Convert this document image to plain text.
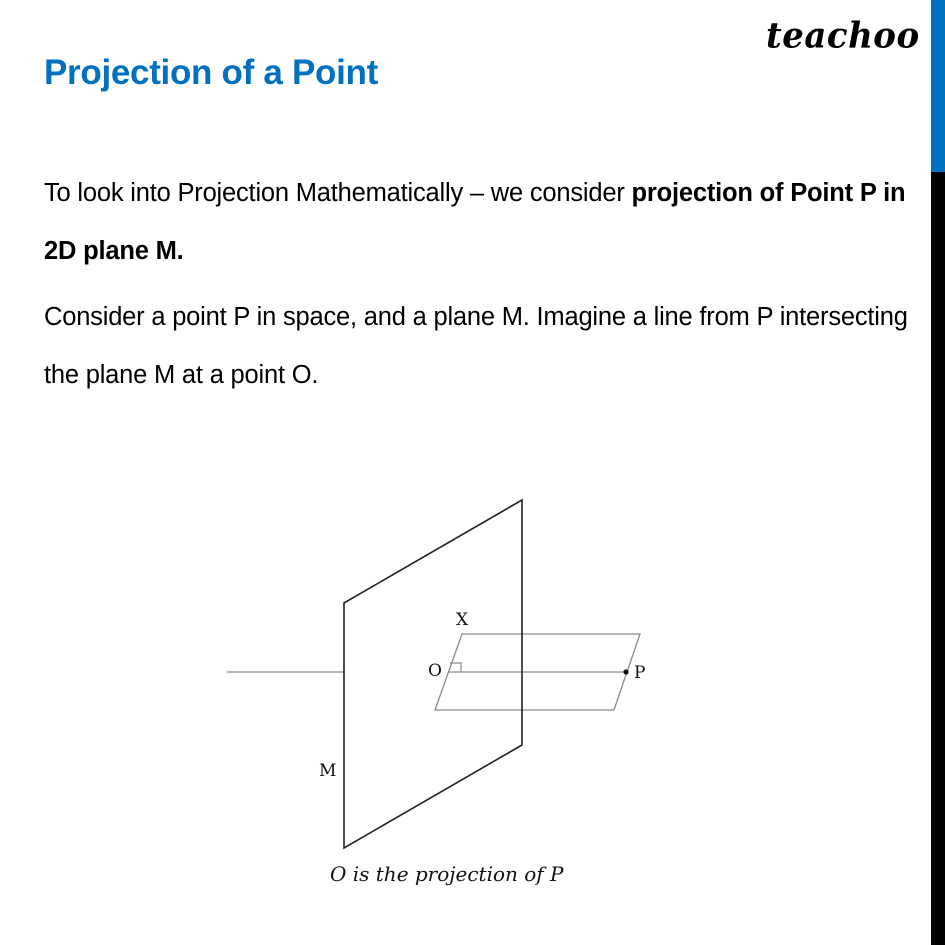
teachoo
Projection of a Point

To look into Projection Mathematically – we consider projection of Point P in 2D plane M.

Consider a point P in space, and a plane M. Imagine a line from P intersecting the plane M at a point O.

X
O	P
M
O is the projection of P
